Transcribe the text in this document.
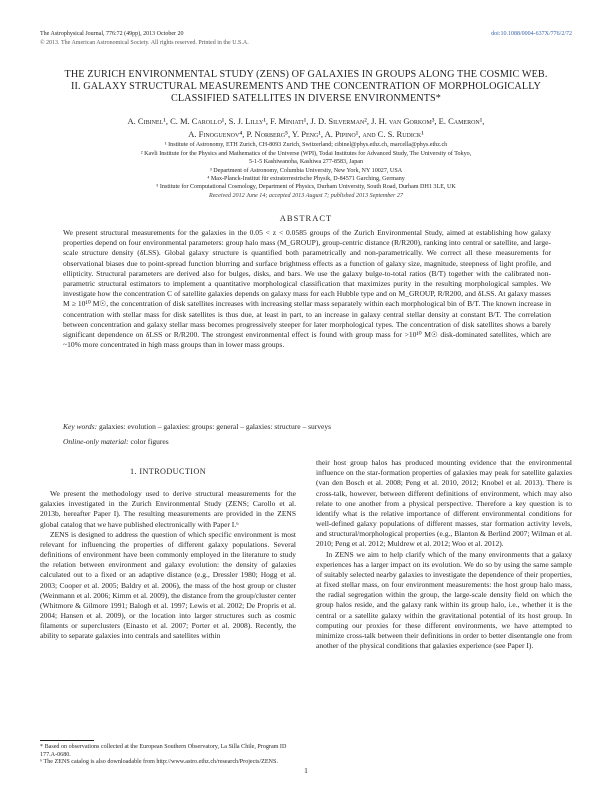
The Astrophysical Journal, 776:72 (49pp), 2013 October 20
© 2013. The American Astronomical Society. All rights reserved. Printed in the U.S.A.
doi:10.1088/0004-637X/776/2/72
THE ZURICH ENVIRONMENTAL STUDY (ZENS) OF GALAXIES IN GROUPS ALONG THE COSMIC WEB.
II. GALAXY STRUCTURAL MEASUREMENTS AND THE CONCENTRATION OF MORPHOLOGICALLY
CLASSIFIED SATELLITES IN DIVERSE ENVIRONMENTS*
A. Cibinel¹, C. M. Carollo¹, S. J. Lilly¹, F. Miniati¹, J. D. Silverman², J. H. van Gorkom³, E. Cameron¹,
A. Finoguenov⁴, P. Norberg⁵, Y. Peng¹, A. Pipino¹, and C. S. Rudick¹
¹ Institute of Astronomy, ETH Zurich, CH-8093 Zurich, Switzerland; cibinel@phys.ethz.ch, marcella@phys.ethz.ch
² Kavli Institute for the Physics and Mathematics of the Universe (WPI), Todai Institutes for Advanced Study, The University of Tokyo,
5-1-5 Kashiwanoha, Kashiwa 277-8583, Japan
³ Department of Astronomy, Columbia University, New York, NY 10027, USA
⁴ Max-Planck-Institut für extraterrestrische Physik, D-84571 Garching, Germany
⁵ Institute for Computational Cosmology, Department of Physics, Durham University, South Road, Durham DH1 3LE, UK
Received 2012 June 14; accepted 2013 August 7; published 2013 September 27
ABSTRACT
We present structural measurements for the galaxies in the 0.05 < z < 0.0585 groups of the Zurich Environmental Study, aimed at establishing how galaxy properties depend on four environmental parameters: group halo mass (M_GROUP), group-centric distance (R/R200), ranking into central or satellite, and large-scale structure density (δLSS). Global galaxy structure is quantified both parametrically and non-parametrically. We correct all these measurements for observational biases due to point-spread function blurring and surface brightness effects as a function of galaxy size, magnitude, steepness of light profile, and ellipticity. Structural parameters are derived also for bulges, disks, and bars. We use the galaxy bulge-to-total ratios (B/T) together with the calibrated non-parametric structural estimators to implement a quantitative morphological classification that maximizes purity in the resulting morphological samples. We investigate how the concentration C of satellite galaxies depends on galaxy mass for each Hubble type and on M_GROUP, R/R200, and δLSS. At galaxy masses M ≥ 10¹⁰ M☉, the concentration of disk satellites increases with increasing stellar mass separately within each morphological bin of B/T. The known increase in concentration with stellar mass for disk satellites is thus due, at least in part, to an increase in galaxy central stellar density at constant B/T. The correlation between concentration and galaxy stellar mass becomes progressively steeper for later morphological types. The concentration of disk satellites shows a barely significant dependence on δLSS or R/R200. The strongest environmental effect is found with group mass for >10¹⁰ M☉ disk-dominated satellites, which are ~10% more concentrated in high mass groups than in lower mass groups.
Key words: galaxies: evolution – galaxies: groups: general – galaxies: structure – surveys
Online-only material: color figures
1. INTRODUCTION

We present the methodology used to derive structural measurements for the galaxies investigated in the Zurich Environmental Study (ZENS; Carollo et al. 2013b, hereafter Paper I). The resulting measurements are provided in the ZENS global catalog that we have published electronically with Paper I.⁶

ZENS is designed to address the question of which specific environment is most relevant for influencing the properties of different galaxy populations. Several definitions of environment have been commonly employed in the literature to study the relation between environment and galaxy evolution: the density of galaxies calculated out to a fixed or an adaptive distance (e.g., Dressler 1980; Hogg et al. 2003; Cooper et al. 2005; Baldry et al. 2006), the mass of the host group or cluster (Weinmann et al. 2006; Kimm et al. 2009), the distance from the group/cluster center (Whitmore & Gilmore 1991; Balogh et al. 1997; Lewis et al. 2002; De Propris et al. 2004; Hansen et al. 2009), or the location into larger structures such as cosmic filaments or superclusters (Einasto et al. 2007; Porter et al. 2008). Recently, the ability to separate galaxies into centrals and satellites within

their host group halos has produced mounting evidence that the environmental influence on the star-formation properties of galaxies may peak for satellite galaxies (van den Bosch et al. 2008; Peng et al. 2010, 2012; Knobel et al. 2013). There is cross-talk, however, between different definitions of environment, which may also relate to one another from a physical perspective. Therefore a key question is to identify what is the relative importance of different environmental conditions for well-defined galaxy populations of different masses, star formation activity levels, and structural/morphological properties (e.g., Blanton & Berlind 2007; Wilman et al. 2010; Peng et al. 2012; Muldrew et al. 2012; Woo et al. 2012).

In ZENS we aim to help clarify which of the many environments that a galaxy experiences has a larger impact on its evolution. We do so by using the same sample of suitably selected nearby galaxies to investigate the dependence of their properties, at fixed stellar mass, on four environment measurements: the host group halo mass, the radial segregation within the group, the large-scale density field on which the group halos reside, and the galaxy rank within its group halo, i.e., whether it is the central or a satellite galaxy within the gravitational potential of its host group. In computing our proxies for these different environments, we have attempted to minimize cross-talk between their definitions in order to better disentangle one from another of the physical conditions that galaxies experience (see Paper I).

* Based on observations collected at the European Southern Observatory, La Silla Chile, Program ID 177.A-0680.
⁶ The ZENS catalog is also downloadable from http://www.astro.ethz.ch/research/Projects/ZENS.
1
